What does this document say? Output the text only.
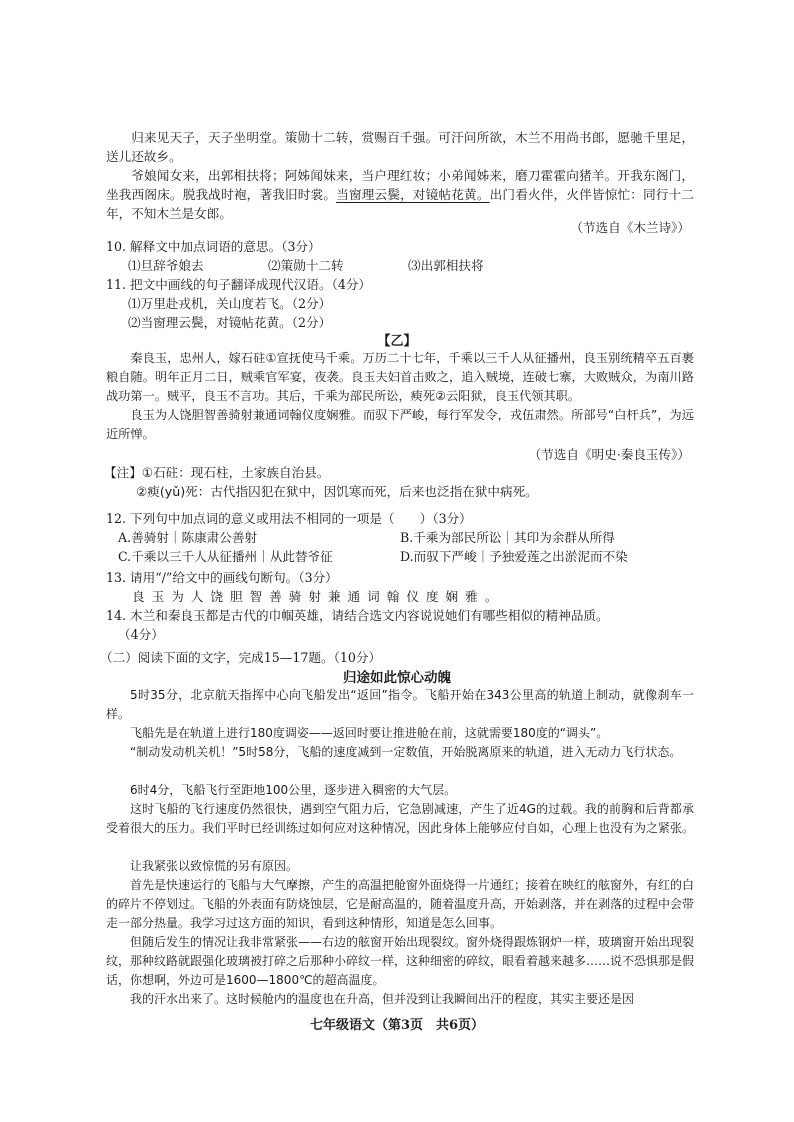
归来见天子，天子坐明堂。策勋十二转，赏赐百千强。可汗问所欲，木兰不用尚书郎，愿驰千里足，送儿还故乡。
爷娘闻女来，出郭相扶将；阿姊闻妹来，当户理红妆；小弟闻姊来，磨刀霍霍向猪羊。开我东阁门，坐我西阁床。脱我战时袍，著我旧时裳。当窗理云鬓，对镜帖花黄。出门看火伴，火伴皆惊忙：同行十二年，不知木兰是女郎。
（节选自《木兰诗》）
10. 解释文中加点词语的意思。（3分）
⑴旦辞爷娘去	⑵策勋十二转	⑶出郭相扶将
11. 把文中画线的句子翻译成现代汉语。（4分）
⑴万里赴戎机，关山度若飞。（2分）
⑵当窗理云鬓，对镜帖花黄。（2分）
【乙】
秦良玉，忠州人，嫁石砫①宣抚使马千乘。万历二十七年，千乘以三千人从征播州，良玉别统精卒五百裹粮自随。明年正月二日，贼乘官军宴，夜袭。良玉夫妇首击败之，追入贼境，连破七寨，大败贼众，为南川路战功第一。贼平，良玉不言功。其后，千乘为部民所讼，瘐死②云阳狱，良玉代领其职。
良玉为人饶胆智善骑射兼通词翰仪度娴雅。而驭下严峻，每行军发令，戎伍肃然。所部号“白杆兵”，为远近所惮。
（节选自《明史·秦良玉传》）
【注】①石砫：现石柱，土家族自治县。
②瘐(yǔ)死：古代指囚犯在狱中，因饥寒而死，后来也泛指在狱中病死。
12. 下列句中加点词的意义或用法不相同的一项是（　　）（3分）
A.善骑射｜陈康肃公善射	B.千乘为部民所讼｜其印为余群从所得
C.千乘以三千人从征播州｜从此替爷征	D.而驭下严峻｜予独爱莲之出淤泥而不染
13. 请用“/”给文中的画线句断句。（3分）
良玉为人饶胆智善骑射兼通词翰仪度娴雅。
14. 木兰和秦良玉都是古代的巾帼英雄，请结合选文内容说说她们有哪些相似的精神品质。
（4分）
（二）阅读下面的文字，完成15—17题。（10分）
归途如此惊心动魄
5时35分，北京航天指挥中心向飞船发出“返回”指令。飞船开始在343公里高的轨道上制动，就像刹车一样。
飞船先是在轨道上进行180度调姿——返回时要让推进舱在前，这就需要180度的“调头”。
“制动发动机关机！”5时58分，飞船的速度减到一定数值，开始脱离原来的轨道，进入无动力飞行状态。
6时4分，飞船飞行至距地100公里，逐步进入稠密的大气层。
这时飞船的飞行速度仍然很快，遇到空气阻力后，它急剧减速，产生了近4G的过载。我的前胸和后背都承受着很大的压力。我们平时已经训练过如何应对这种情况，因此身体上能够应付自如，心理上也没有为之紧张。
让我紧张以致惊慌的另有原因。
首先是快速运行的飞船与大气摩擦，产生的高温把舱窗外面烧得一片通红；接着在映红的舷窗外，有红的白的碎片不停划过。飞船的外表面有防烧蚀层，它是耐高温的，随着温度升高，开始剥落，并在剥落的过程中会带走一部分热量。我学习过这方面的知识，看到这种情形，知道是怎么回事。
但随后发生的情况让我非常紧张——右边的舷窗开始出现裂纹。窗外烧得跟炼钢炉一样，玻璃窗开始出现裂纹，那种纹路就跟强化玻璃被打碎之后那种小碎纹一样，这种细密的碎纹，眼看着越来越多……说不恐惧那是假话，你想啊，外边可是1600—1800℃的超高温度。
我的汗水出来了。这时候舱内的温度也在升高，但并没到让我瞬间出汗的程度，其实主要还是因
七年级语文（第3页　共6页）
